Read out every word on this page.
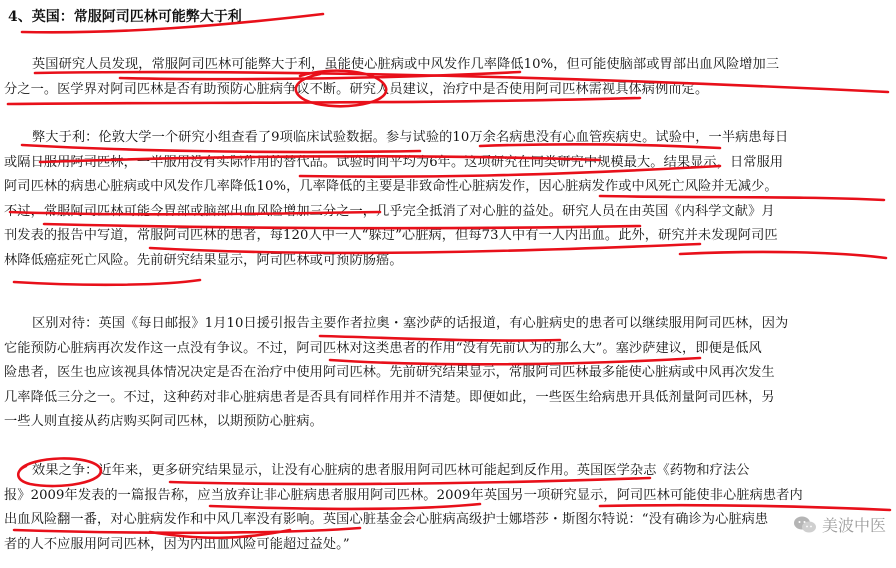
4、英国：常服阿司匹林可能弊大于利
英国研究人员发现，常服阿司匹林可能弊大于利，虽能使心脏病或中风发作几率降低10%，但可能使脑部或胃部出血风险增加三
分之一。医学界对阿司匹林是否有助预防心脏病争议不断。研究人员建议，治疗中是否使用阿司匹林需视具体病例而定。
弊大于利：伦敦大学一个研究小组查看了9项临床试验数据。参与试验的10万余名病患没有心血管疾病史。试验中，一半病患每日
或隔日服用阿司匹林，一半服用没有实际作用的替代品。试验时间平均为6年。这项研究在同类研究中规模最大。结果显示，日常服用
阿司匹林的病患心脏病或中风发作几率降低10%，几率降低的主要是非致命性心脏病发作，因心脏病发作或中风死亡风险并无减少。
不过，常服阿司匹林可能令胃部或脑部出血风险增加三分之一，几乎完全抵消了对心脏的益处。研究人员在由英国《内科学文献》月
刊发表的报告中写道，常服阿司匹林的患者，每120人中一人“躲过”心脏病，但每73人中有一人内出血。此外，研究并未发现阿司匹
林降低癌症死亡风险。先前研究结果显示，阿司匹林或可预防肠癌。
区别对待：英国《每日邮报》1月10日援引报告主要作者拉奥・塞沙萨的话报道，有心脏病史的患者可以继续服用阿司匹林，因为
它能预防心脏病再次发作这一点没有争议。不过，阿司匹林对这类患者的作用“没有先前认为的那么大”。塞沙萨建议，即便是低风
险患者，医生也应该视具体情况决定是否在治疗中使用阿司匹林。先前研究结果显示，常服阿司匹林最多能使心脏病或中风再次发生
几率降低三分之一。不过，这种药对非心脏病患者是否具有同样作用并不清楚。即便如此，一些医生给病患开具低剂量阿司匹林，另
一些人则直接从药店购买阿司匹林，以期预防心脏病。
效果之争：近年来，更多研究结果显示，让没有心脏病的患者服用阿司匹林可能起到反作用。英国医学杂志《药物和疗法公
报》2009年发表的一篇报告称，应当放弃让非心脏病患者服用阿司匹林。2009年英国另一项研究显示，阿司匹林可能使非心脏病患者内
出血风险翻一番，对心脏病发作和中风几率没有影响。英国心脏基金会心脏病高级护士娜塔莎・斯图尔特说：“没有确诊为心脏病患
者的人不应服用阿司匹林，因为内出血风险可能超过益处。”
美波中医
